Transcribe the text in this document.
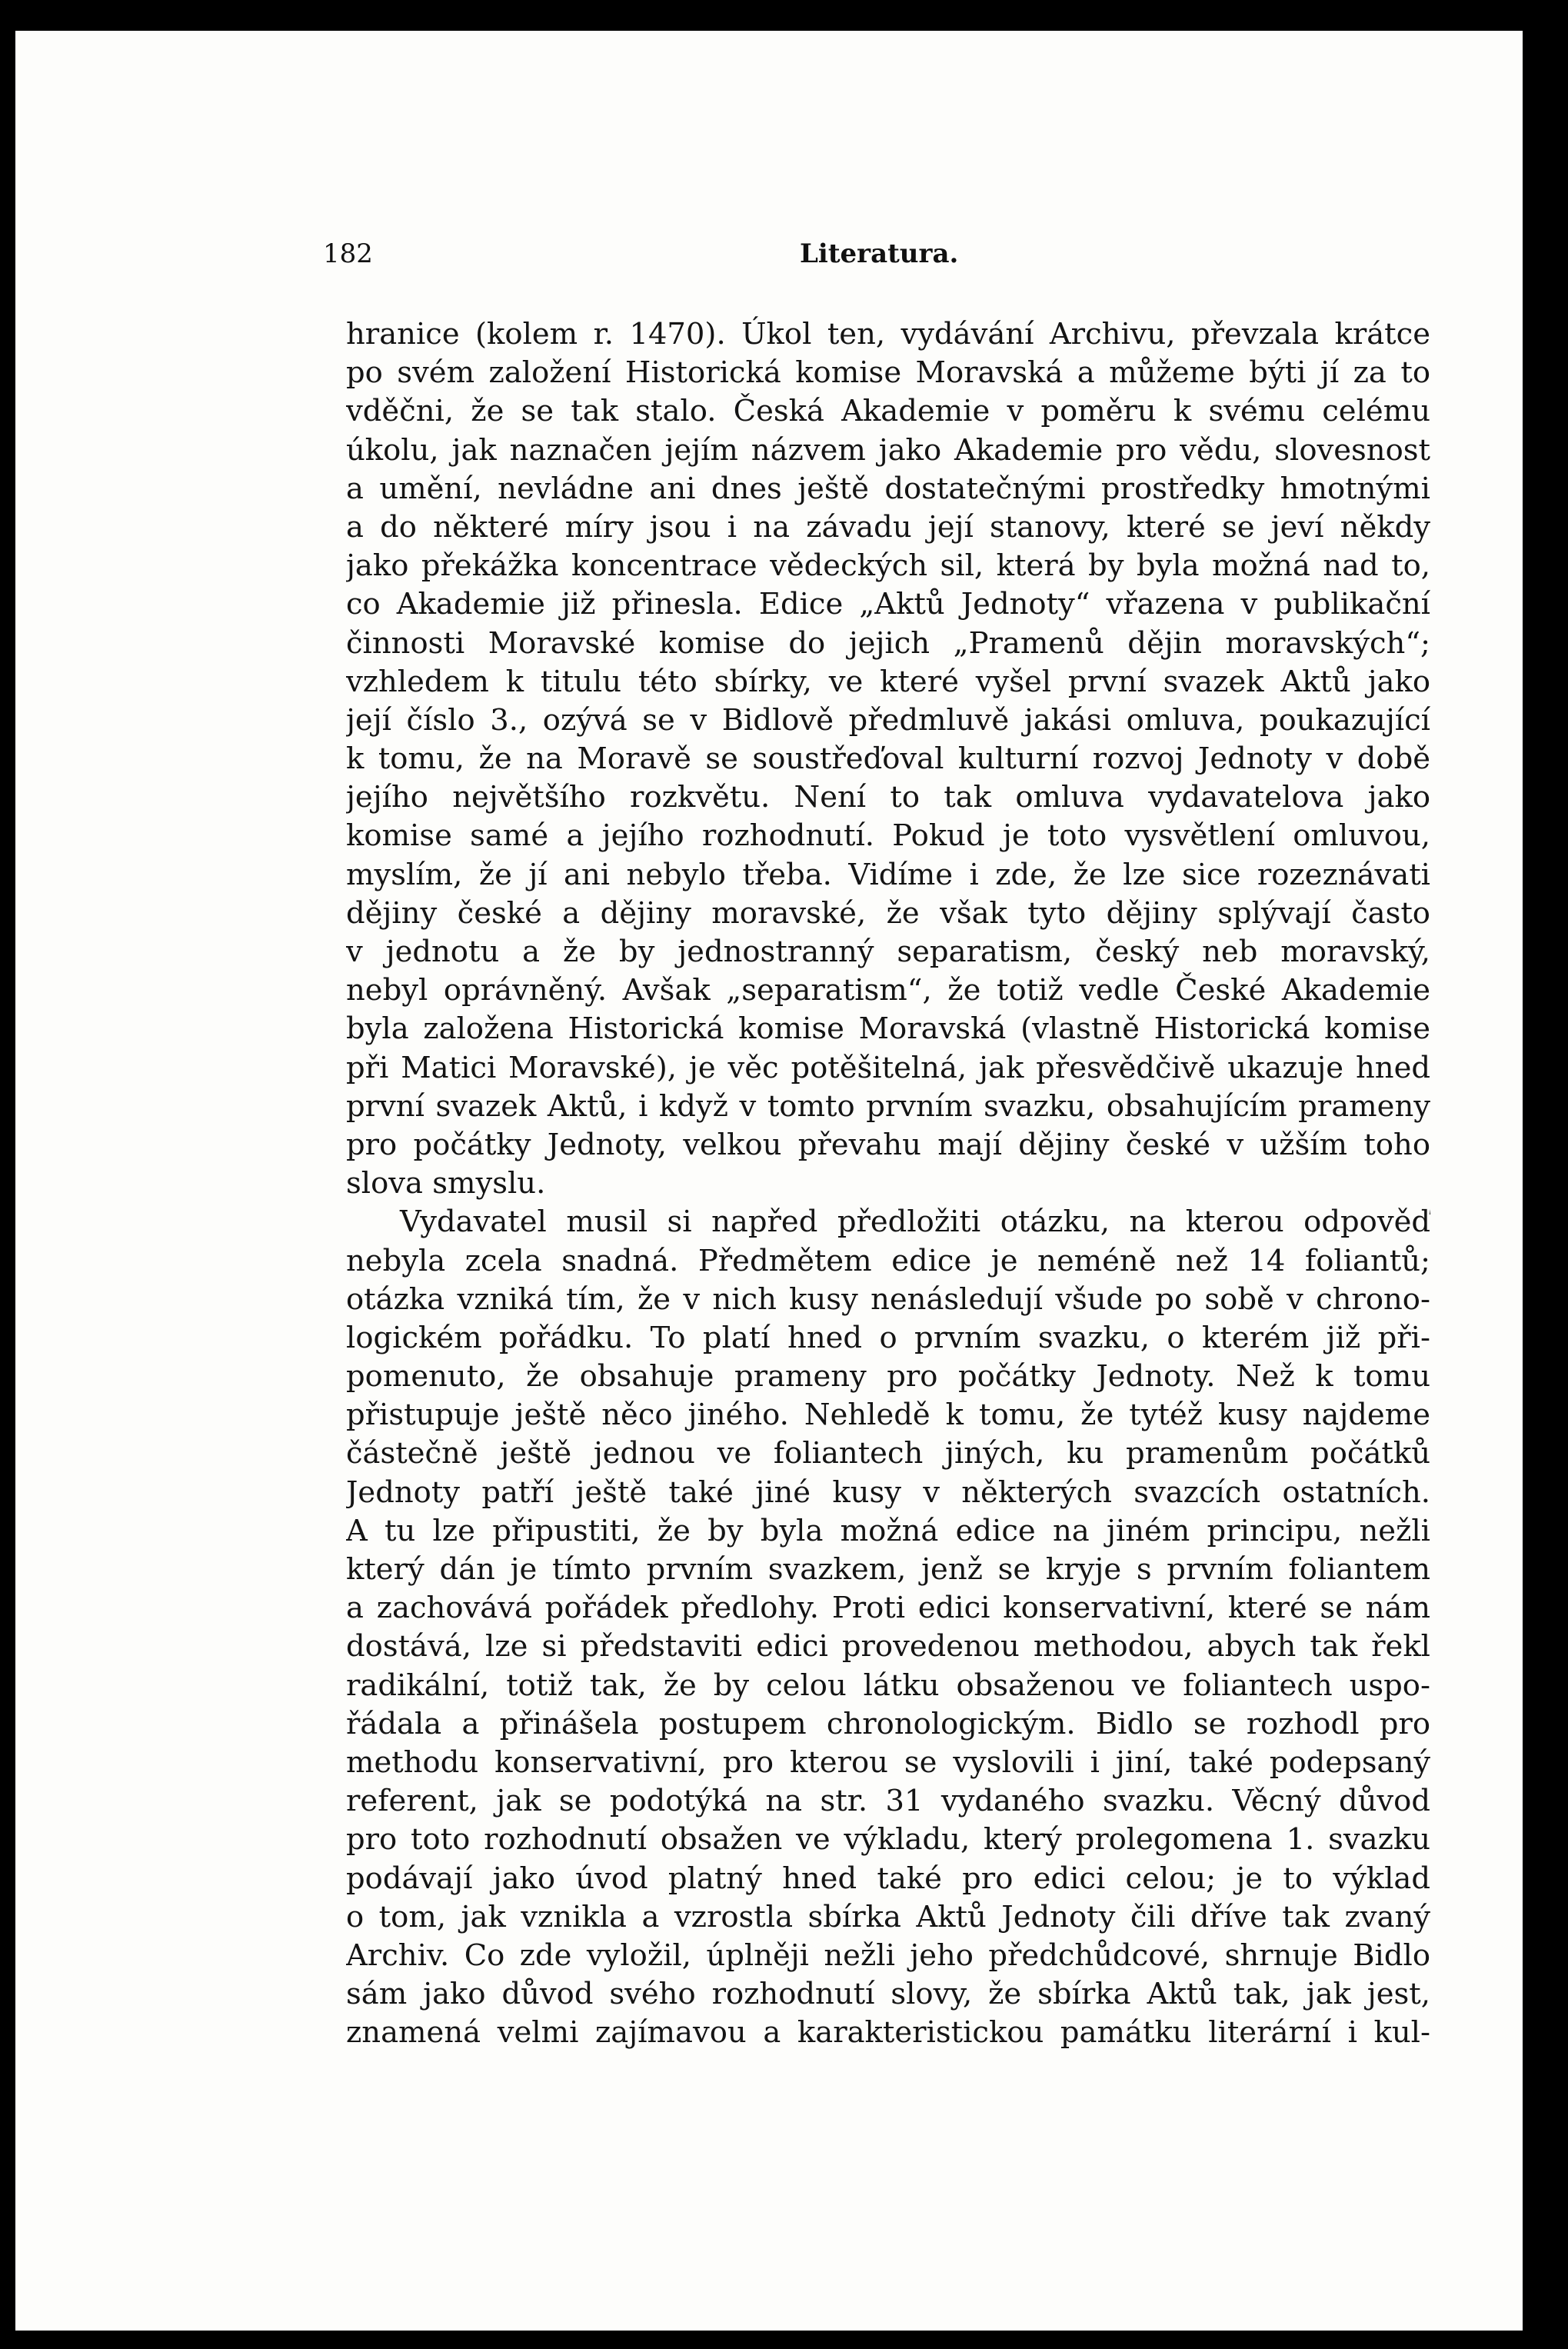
182	Literatura.
hranice (kolem r. 1470). Úkol ten, vydávání Archivu, převzala krátce
po svém založení Historická komise Moravská a můžeme býti jí za to
vděčni, že se tak stalo. Česká Akademie v poměru k svému celému
úkolu, jak naznačen jejím názvem jako Akademie pro vědu, slovesnost
a umění, nevládne ani dnes ještě dostatečnými prostředky hmotnými
a do některé míry jsou i na závadu její stanovy, které se jeví někdy
jako překážka koncentrace vědeckých sil, která by byla možná nad to,
co Akademie již přinesla. Edice „Aktů Jednoty“ vřazena v publikační
činnosti Moravské komise do jejich „Pramenů dějin moravských“;
vzhledem k titulu této sbírky, ve které vyšel první svazek Aktů jako
její číslo 3., ozývá se v Bidlově předmluvě jakási omluva, poukazující
k tomu, že na Moravě se soustřeďoval kulturní rozvoj Jednoty v době
jejího největšího rozkvětu. Není to tak omluva vydavatelova jako
komise samé a jejího rozhodnutí. Pokud je toto vysvětlení omluvou,
myslím, že jí ani nebylo třeba. Vidíme i zde, že lze sice rozeznávati
dějiny české a dějiny moravské, že však tyto dějiny splývají často
v jednotu a že by jednostranný separatism, český neb moravský,
nebyl oprávněný. Avšak „separatism“, že totiž vedle České Akademie
byla založena Historická komise Moravská (vlastně Historická komise
při Matici Moravské), je věc potěšitelná, jak přesvědčivě ukazuje hned
první svazek Aktů, i když v tomto prvním svazku, obsahujícím prameny
pro počátky Jednoty, velkou převahu mají dějiny české v užším toho
slova smyslu.
Vydavatel musil si napřed předložiti otázku, na kterou odpověď
nebyla zcela snadná. Předmětem edice je neméně než 14 foliantů;
otázka vzniká tím, že v nich kusy nenásledují všude po sobě v chrono-
logickém pořádku. To platí hned o prvním svazku, o kterém již při-
pomenuto, že obsahuje prameny pro počátky Jednoty. Než k tomu
přistupuje ještě něco jiného. Nehledě k tomu, že tytéž kusy najdeme
částečně ještě jednou ve foliantech jiných, ku pramenům počátků
Jednoty patří ještě také jiné kusy v některých svazcích ostatních.
A tu lze připustiti, že by byla možná edice na jiném principu, nežli
který dán je tímto prvním svazkem, jenž se kryje s prvním foliantem
a zachovává pořádek předlohy. Proti edici konservativní, které se nám
dostává, lze si představiti edici provedenou methodou, abych tak řekl
radikální, totiž tak, že by celou látku obsaženou ve foliantech uspo-
řádala a přinášela postupem chronologickým. Bidlo se rozhodl pro
methodu konservativní, pro kterou se vyslovili i jiní, také podepsaný
referent, jak se podotýká na str. 31 vydaného svazku. Věcný důvod
pro toto rozhodnutí obsažen ve výkladu, který prolegomena 1. svazku
podávají jako úvod platný hned také pro edici celou; je to výklad
o tom, jak vznikla a vzrostla sbírka Aktů Jednoty čili dříve tak zvaný
Archiv. Co zde vyložil, úplněji nežli jeho předchůdcové, shrnuje Bidlo
sám jako důvod svého rozhodnutí slovy, že sbírka Aktů tak, jak jest,
znamená velmi zajímavou a karakteristickou památku literární i kul-
